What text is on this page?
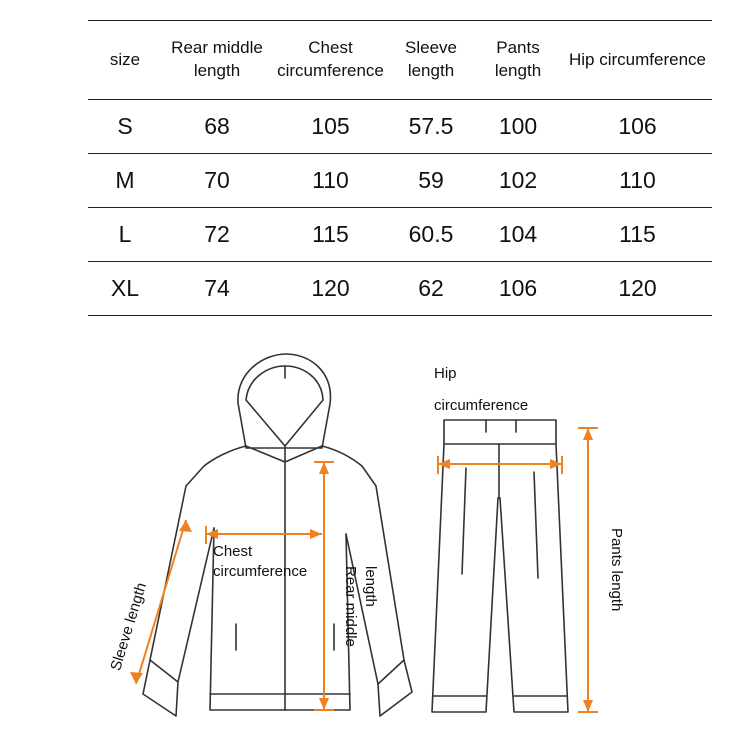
size	Rear middle length	Chest circumference	Sleeve length	Pants length	Hip circumference
S	68	105	57.5	100	106
M	70	110	59	102	110
L	72	115	60.5	104	115
XL	74	120	62	106	120
Sleeve length
Chest
circumference Rear middle length
Hip
circumference
Pants length
